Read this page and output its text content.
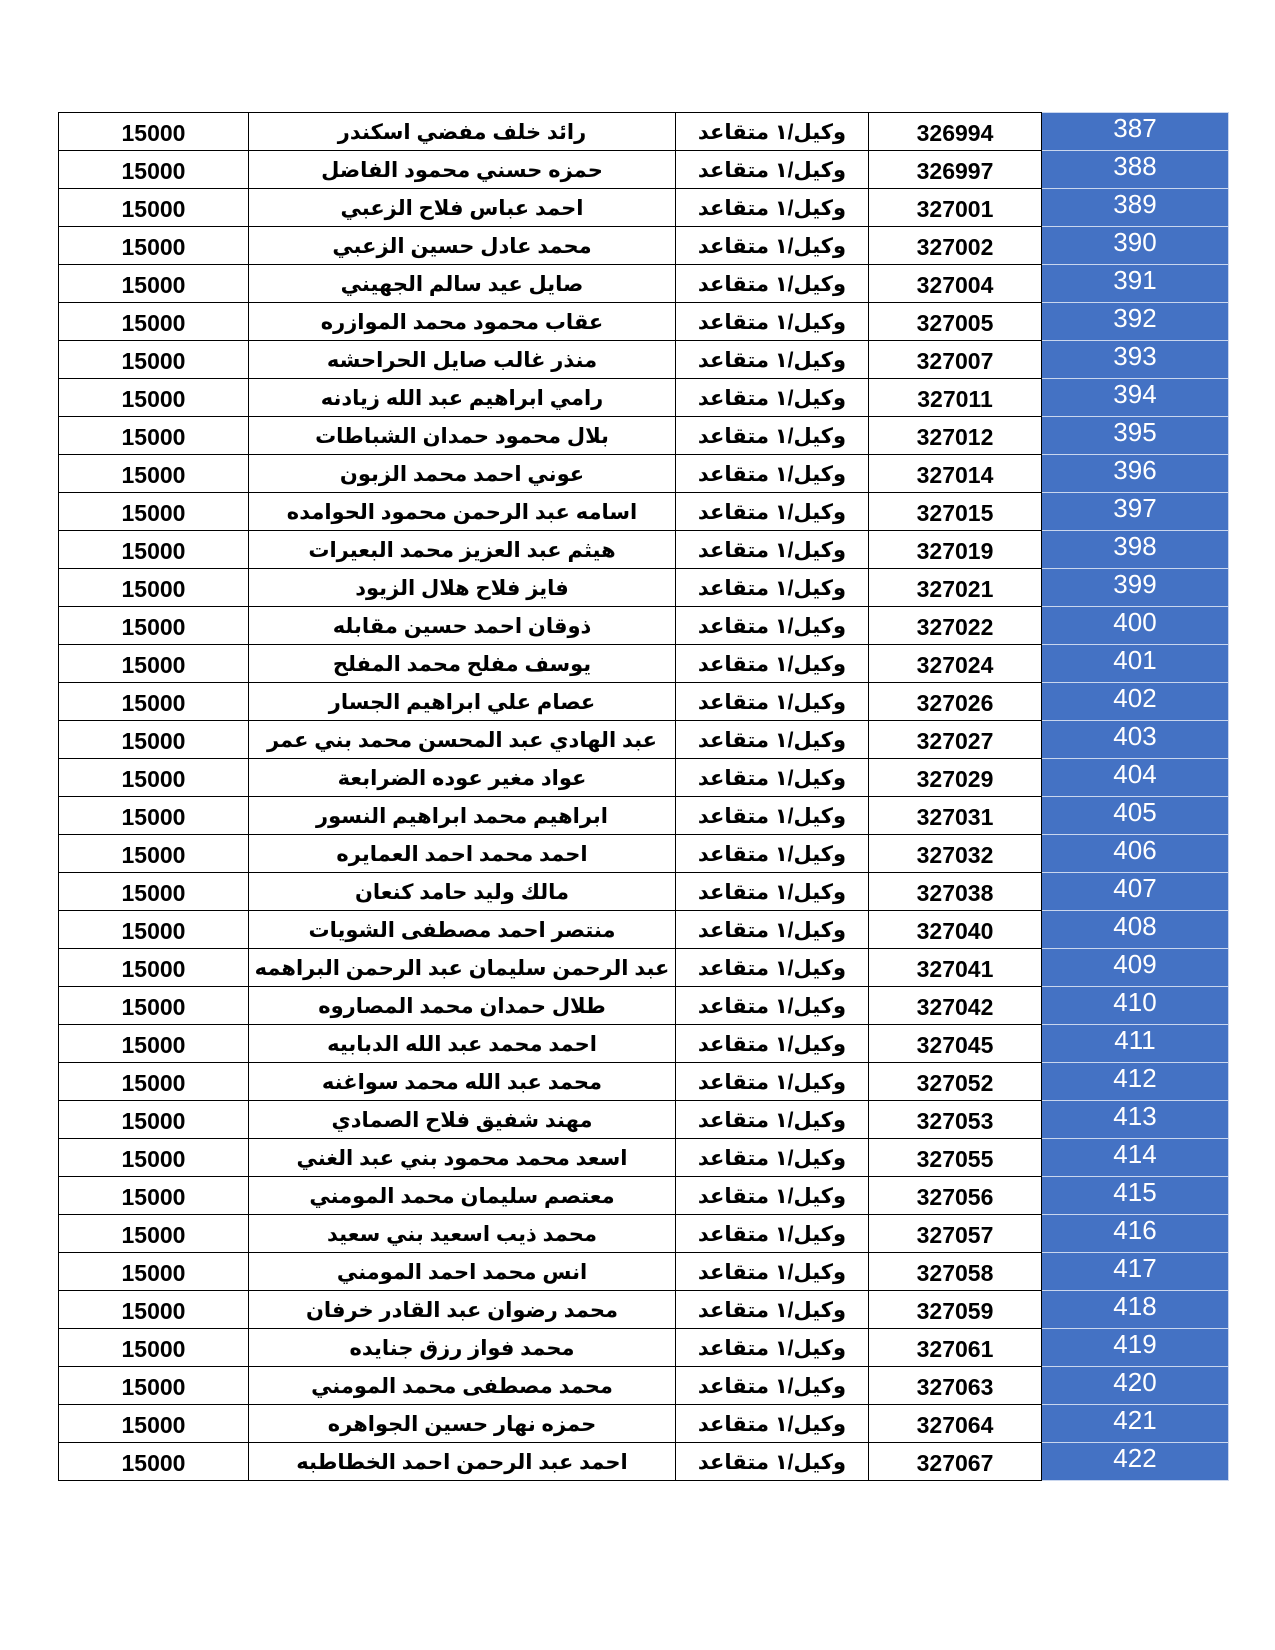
15000	رائد خلف مفضي اسكندر	وكيل/١ متقاعد	326994	387
15000	حمزه حسني محمود الفاضل	وكيل/١ متقاعد	326997	388
15000	احمد عباس فلاح الزعبي	وكيل/١ متقاعد	327001	389
15000	محمد عادل حسين الزعبي	وكيل/١ متقاعد	327002	390
15000	صايل عيد سالم الجهيني	وكيل/١ متقاعد	327004	391
15000	عقاب محمود محمد الموازره	وكيل/١ متقاعد	327005	392
15000	منذر غالب صايل الحراحشه	وكيل/١ متقاعد	327007	393
15000	رامي ابراهيم عبد الله زيادنه	وكيل/١ متقاعد	327011	394
15000	بلال محمود حمدان الشباطات	وكيل/١ متقاعد	327012	395
15000	عوني احمد محمد الزبون	وكيل/١ متقاعد	327014	396
15000	اسامه عبد الرحمن محمود الحوامده	وكيل/١ متقاعد	327015	397
15000	هيثم عبد العزيز محمد البعيرات	وكيل/١ متقاعد	327019	398
15000	فايز فلاح هلال الزيود	وكيل/١ متقاعد	327021	399
15000	ذوقان احمد حسين مقابله	وكيل/١ متقاعد	327022	400
15000	يوسف مفلح محمد المفلح	وكيل/١ متقاعد	327024	401
15000	عصام علي ابراهيم الجسار	وكيل/١ متقاعد	327026	402
15000	عبد الهادي عبد المحسن محمد بني عمر	وكيل/١ متقاعد	327027	403
15000	عواد مغير عوده الضرابعة	وكيل/١ متقاعد	327029	404
15000	ابراهيم محمد ابراهيم النسور	وكيل/١ متقاعد	327031	405
15000	احمد محمد احمد العمايره	وكيل/١ متقاعد	327032	406
15000	مالك وليد حامد كنعان	وكيل/١ متقاعد	327038	407
15000	منتصر احمد مصطفى الشويات	وكيل/١ متقاعد	327040	408
15000	عبد الرحمن سليمان عبد الرحمن البراهمه	وكيل/١ متقاعد	327041	409
15000	طلال حمدان محمد المصاروه	وكيل/١ متقاعد	327042	410
15000	احمد محمد عبد الله الدبابيه	وكيل/١ متقاعد	327045	411
15000	محمد عبد الله محمد سواغنه	وكيل/١ متقاعد	327052	412
15000	مهند شفيق فلاح الصمادي	وكيل/١ متقاعد	327053	413
15000	اسعد محمد محمود بني عبد الغني	وكيل/١ متقاعد	327055	414
15000	معتصم سليمان محمد المومني	وكيل/١ متقاعد	327056	415
15000	محمد ذيب اسعيد بني سعيد	وكيل/١ متقاعد	327057	416
15000	انس محمد احمد المومني	وكيل/١ متقاعد	327058	417
15000	محمد رضوان عبد القادر خرفان	وكيل/١ متقاعد	327059	418
15000	محمد فواز رزق جنايده	وكيل/١ متقاعد	327061	419
15000	محمد مصطفى محمد المومني	وكيل/١ متقاعد	327063	420
15000	حمزه نهار حسين الجواهره	وكيل/١ متقاعد	327064	421
15000	احمد عبد الرحمن احمد الخطاطبه	وكيل/١ متقاعد	327067	422
